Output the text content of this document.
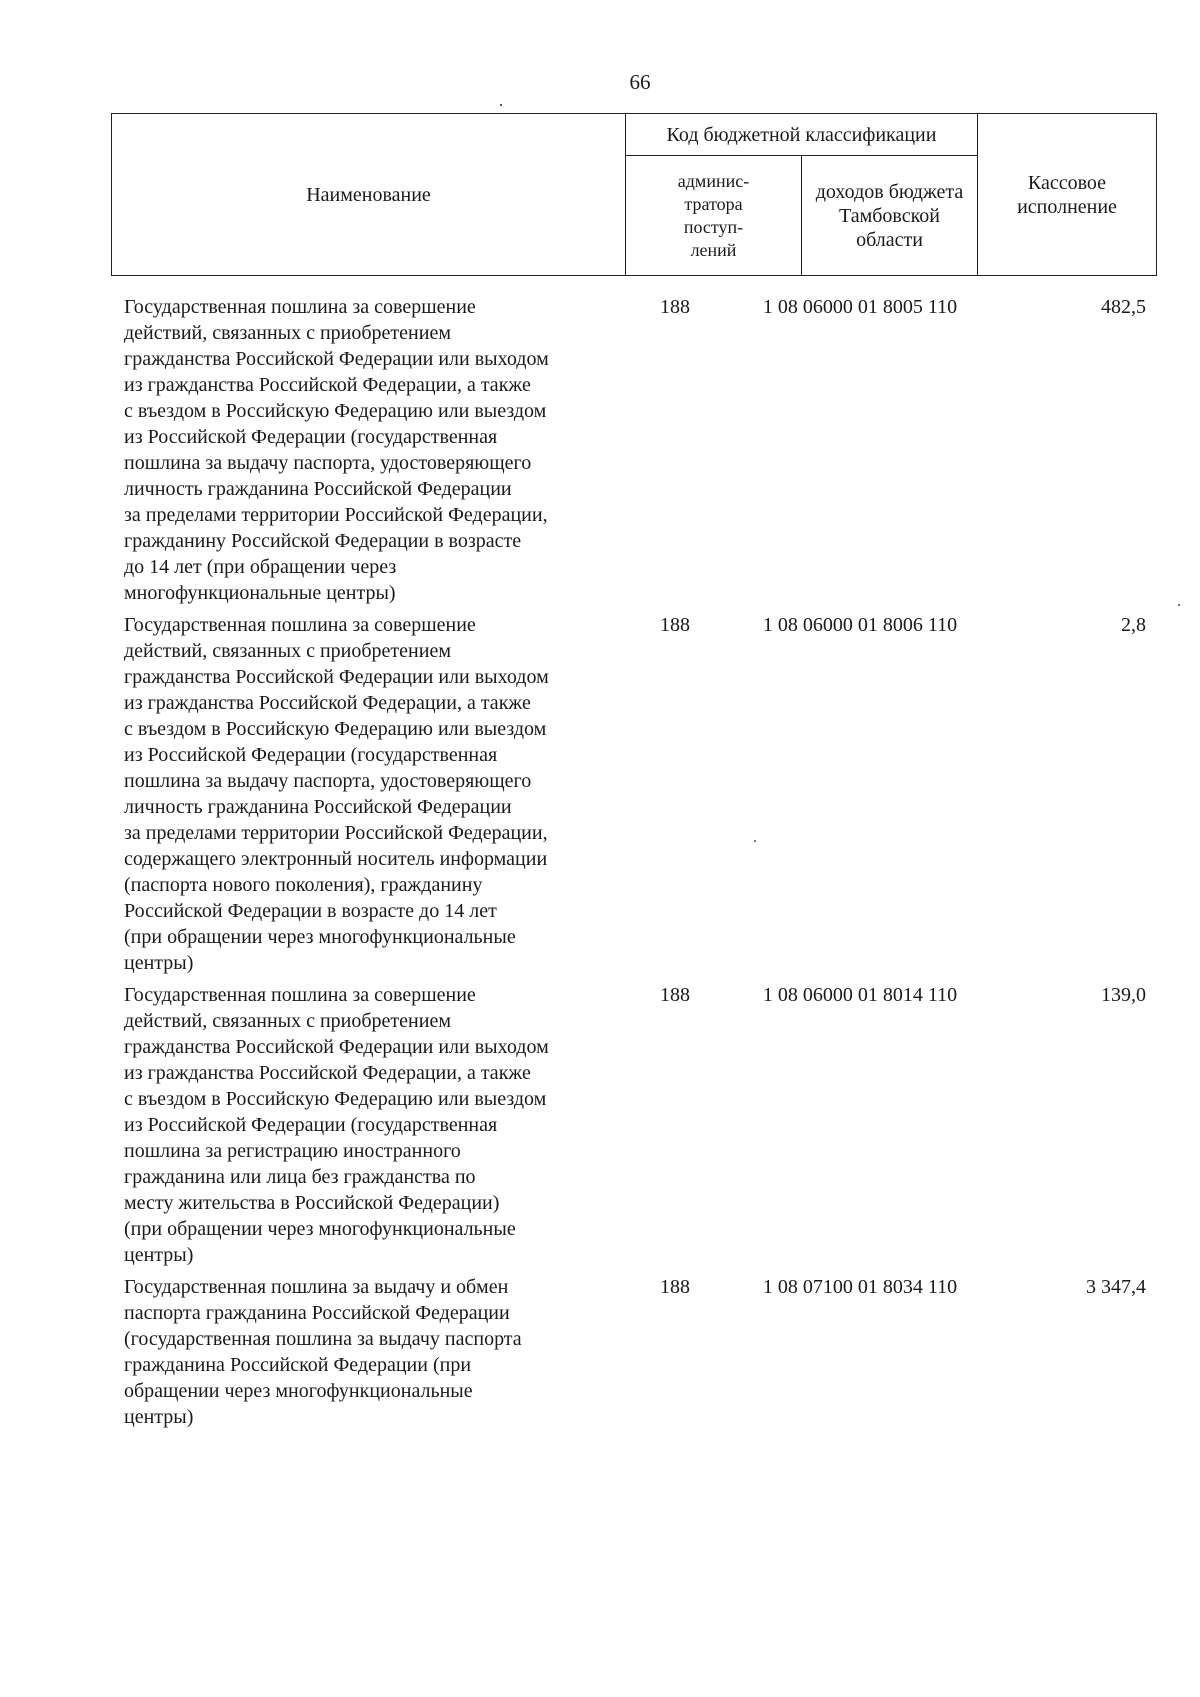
66
Наименование	Код бюджетной классификации		Кассовое
исполнение
	админис-
тратора
поступ-
лений	доходов бюджета
Тамбовской области	
Государственная пошлина за совершение
действий, связанных с приобретением
гражданства Российской Федерации или выходом
из гражданства Российской Федерации, а также
с въездом в Российскую Федерацию или выездом
из Российской Федерации (государственная
пошлина за выдачу паспорта, удостоверяющего
личность гражданина Российской Федерации
за пределами территории Российской Федерации,
гражданину Российской Федерации в возрасте
до 14 лет (при обращении через
многофункциональные центры)
188	1 08 06000 01 8005 110	482,5
Государственная пошлина за совершение
действий, связанных с приобретением
гражданства Российской Федерации или выходом
из гражданства Российской Федерации, а также
с въездом в Российскую Федерацию или выездом
из Российской Федерации (государственная
пошлина за выдачу паспорта, удостоверяющего
личность гражданина Российской Федерации
за пределами территории Российской Федерации,
содержащего электронный носитель информации
(паспорта нового поколения), гражданину
Российской Федерации в возрасте до 14 лет
(при обращении через многофункциональные
центры)
188	1 08 06000 01 8006 110	2,8
Государственная пошлина за совершение
действий, связанных с приобретением
гражданства Российской Федерации или выходом
из гражданства Российской Федерации, а также
с въездом в Российскую Федерацию или выездом
из Российской Федерации (государственная
пошлина за регистрацию иностранного
гражданина или лица без гражданства по
месту жительства в Российской Федерации)
(при обращении через многофункциональные
центры)
188	1 08 06000 01 8014 110	139,0
Государственная пошлина за выдачу и обмен
паспорта гражданина Российской Федерации
(государственная пошлина за выдачу паспорта
гражданина Российской Федерации (при
обращении через многофункциональные
центры)
188	1 08 07100 01 8034 110	3 347,4
